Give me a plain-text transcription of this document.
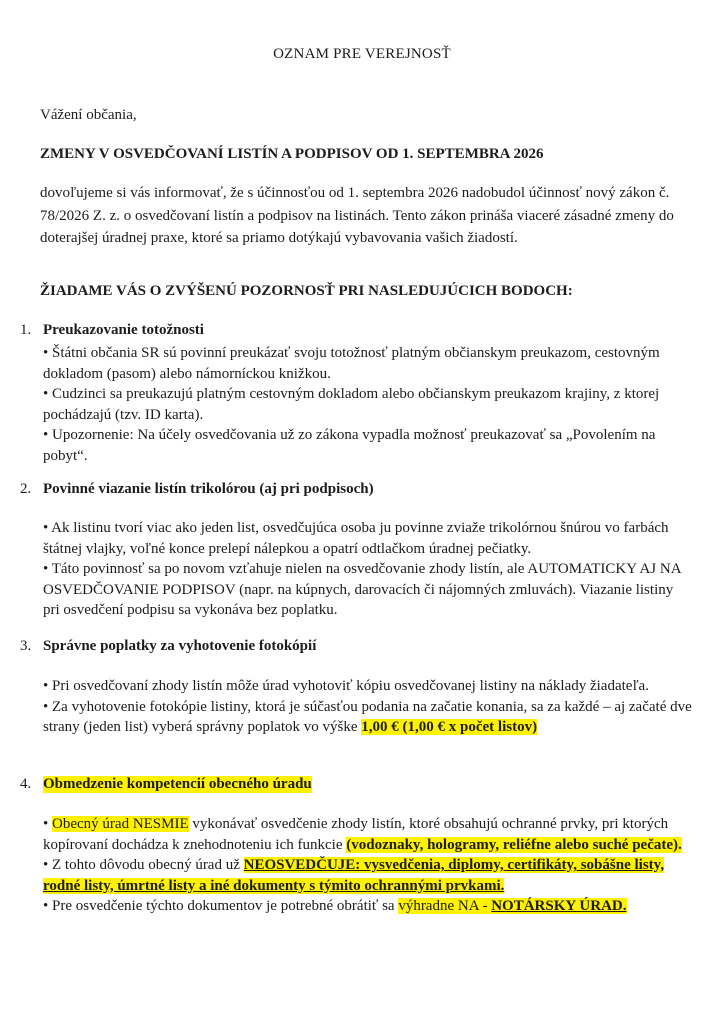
OZNAM PRE VEREJNOSŤ
Vážení občania,
ZMENY V OSVEDČOVANÍ LISTÍN A PODPISOV OD 1. SEPTEMBRA 2026

dovoľujeme si vás informovať, že s účinnosťou od 1. septembra 2026 nadobudol účinnosť nový zákon č. 78/2026 Z. z. o osvedčovaní listín a podpisov na listinách. Tento zákon prináša viaceré zásadné zmeny do doterajšej úradnej praxe, ktoré sa priamo dotýkajú vybavovania vašich žiadostí.

ŽIADAME VÁS O ZVÝŠENÚ POZORNOSŤ PRI NASLEDUJÚCICH BODOCH:
1. Preukazovanie totožnosti
• Štátni občania SR sú povinní preukázať svoju totožnosť platným občianskym preukazom, cestovným dokladom (pasom) alebo námorníckou knižkou.
• Cudzinci sa preukazujú platným cestovným dokladom alebo občianskym preukazom krajiny, z ktorej pochádzajú (tzv. ID karta).
• Upozornenie: Na účely osvedčovania už zo zákona vypadla možnosť preukazovať sa „Povolením na pobyt“.
2. Povinné viazanie listín trikolórou (aj pri podpisoch)
• Ak listinu tvorí viac ako jeden list, osvedčujúca osoba ju povinne zviaže trikolórnou šnúrou vo farbách štátnej vlajky, voľné konce prelepí nálepkou a opatrí odtlačkom úradnej pečiatky.
• Táto povinnosť sa po novom vzťahuje nielen na osvedčovanie zhody listín, ale AUTOMATICKY AJ NA OSVEDČOVANIE PODPISOV (napr. na kúpnych, darovacích či nájomných zmluvách). Viazanie listiny pri osvedčení podpisu sa vykonáva bez poplatku.
3. Správne poplatky za vyhotovenie fotokópií
• Pri osvedčovaní zhody listín môže úrad vyhotoviť kópiu osvedčovanej listiny na náklady žiadateľa.
• Za vyhotovenie fotokópie listiny, ktorá je súčasťou podania na začatie konania, sa za každé – aj začaté dve strany (jeden list) vyberá správny poplatok vo výške 1,00 € (1,00 € x počet listov)
4. Obmedzenie kompetencií obecného úradu
• Obecný úrad NESMIE vykonávať osvedčenie zhody listín, ktoré obsahujú ochranné prvky, pri ktorých kopírovaní dochádza k znehodnoteniu ich funkcie (vodoznaky, hologramy, reliéfne alebo suché pečate).
• Z tohto dôvodu obecný úrad už NEOSVEDČUJE: vysvedčenia, diplomy, certifikáty, sobášne listy, rodné listy, úmrtné listy a iné dokumenty s týmito ochrannými prvkami.
• Pre osvedčenie týchto dokumentov je potrebné obrátiť sa výhradne NA - NOTÁRSKY ÚRAD.
